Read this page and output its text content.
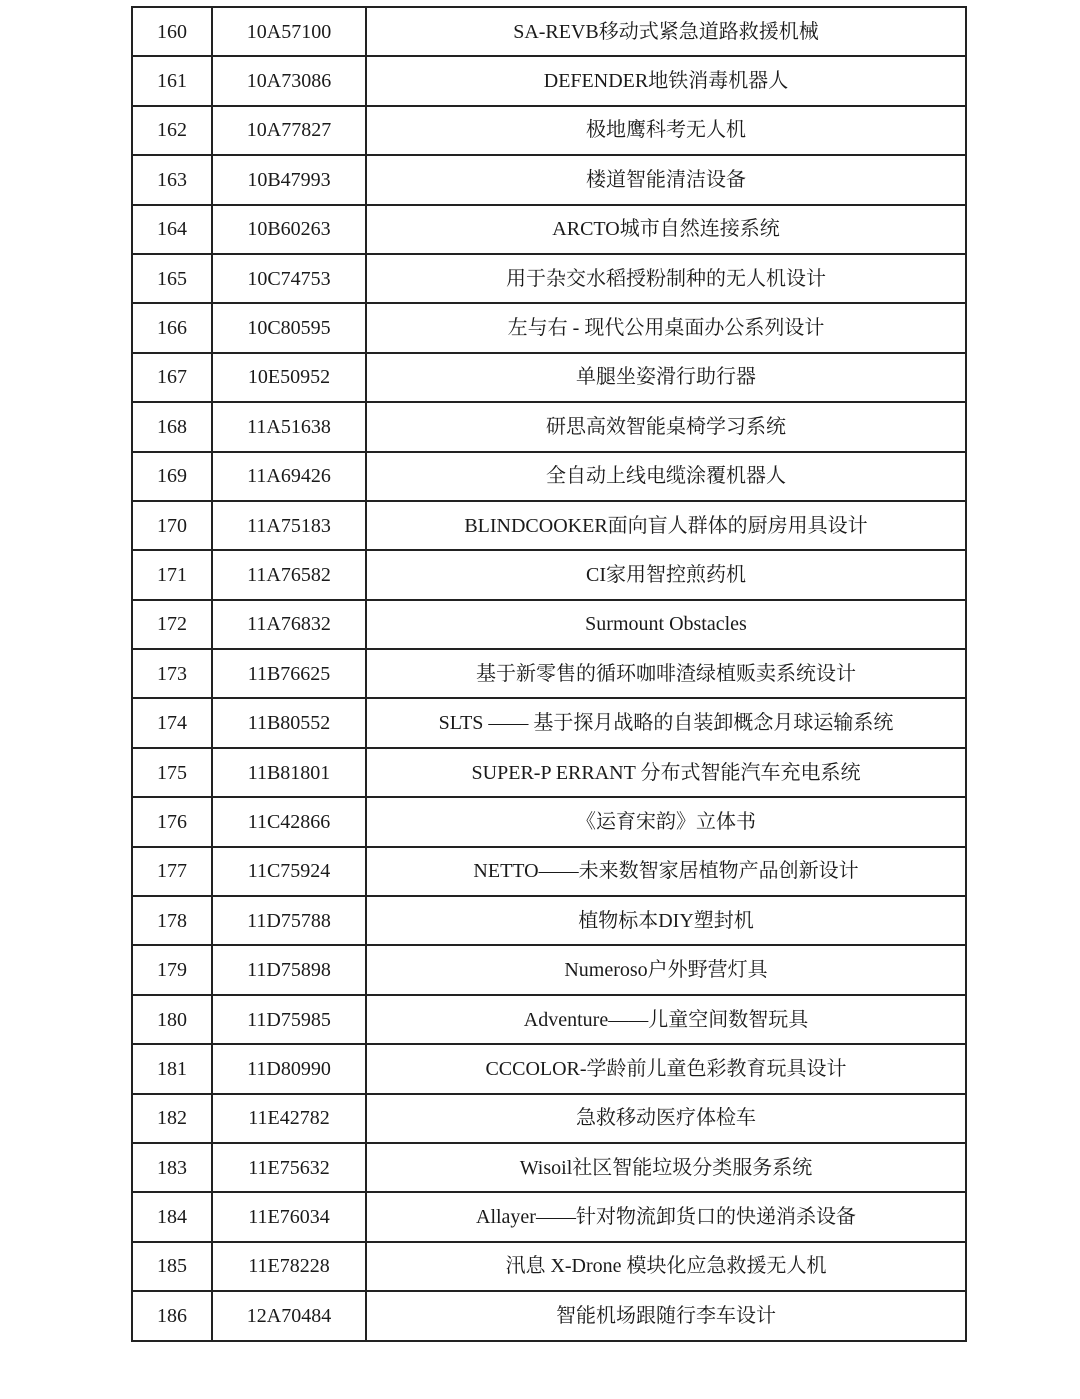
160	10A57100	SA-REVB移动式紧急道路救援机械
161	10A73086	DEFENDER地铁消毒机器人
162	10A77827	极地鹰科考无人机
163	10B47993	楼道智能清洁设备
164	10B60263	ARCTO城市自然连接系统
165	10C74753	用于杂交水稻授粉制种的无人机设计
166	10C80595	左与右 - 现代公用桌面办公系列设计
167	10E50952	单腿坐姿滑行助行器
168	11A51638	研思高效智能桌椅学习系统
169	11A69426	全自动上线电缆涂覆机器人
170	11A75183	BLINDCOOKER面向盲人群体的厨房用具设计
171	11A76582	CI家用智控煎药机
172	11A76832	Surmount Obstacles
173	11B76625	基于新零售的循环咖啡渣绿植贩卖系统设计
174	11B80552	SLTS —— 基于探月战略的自装卸概念月球运输系统
175	11B81801	SUPER-P ERRANT 分布式智能汽车充电系统
176	11C42866	《运育宋韵》立体书
177	11C75924	NETTO——未来数智家居植物产品创新设计
178	11D75788	植物标本DIY塑封机
179	11D75898	Numeroso户外野营灯具
180	11D75985	Adventure——儿童空间数智玩具
181	11D80990	CCCOLOR-学龄前儿童色彩教育玩具设计
182	11E42782	急救移动医疗体检车
183	11E75632	Wisoil社区智能垃圾分类服务系统
184	11E76034	Allayer——针对物流卸货口的快递消杀设备
185	11E78228	汛息 X-Drone 模块化应急救援无人机
186	12A70484	智能机场跟随行李车设计
